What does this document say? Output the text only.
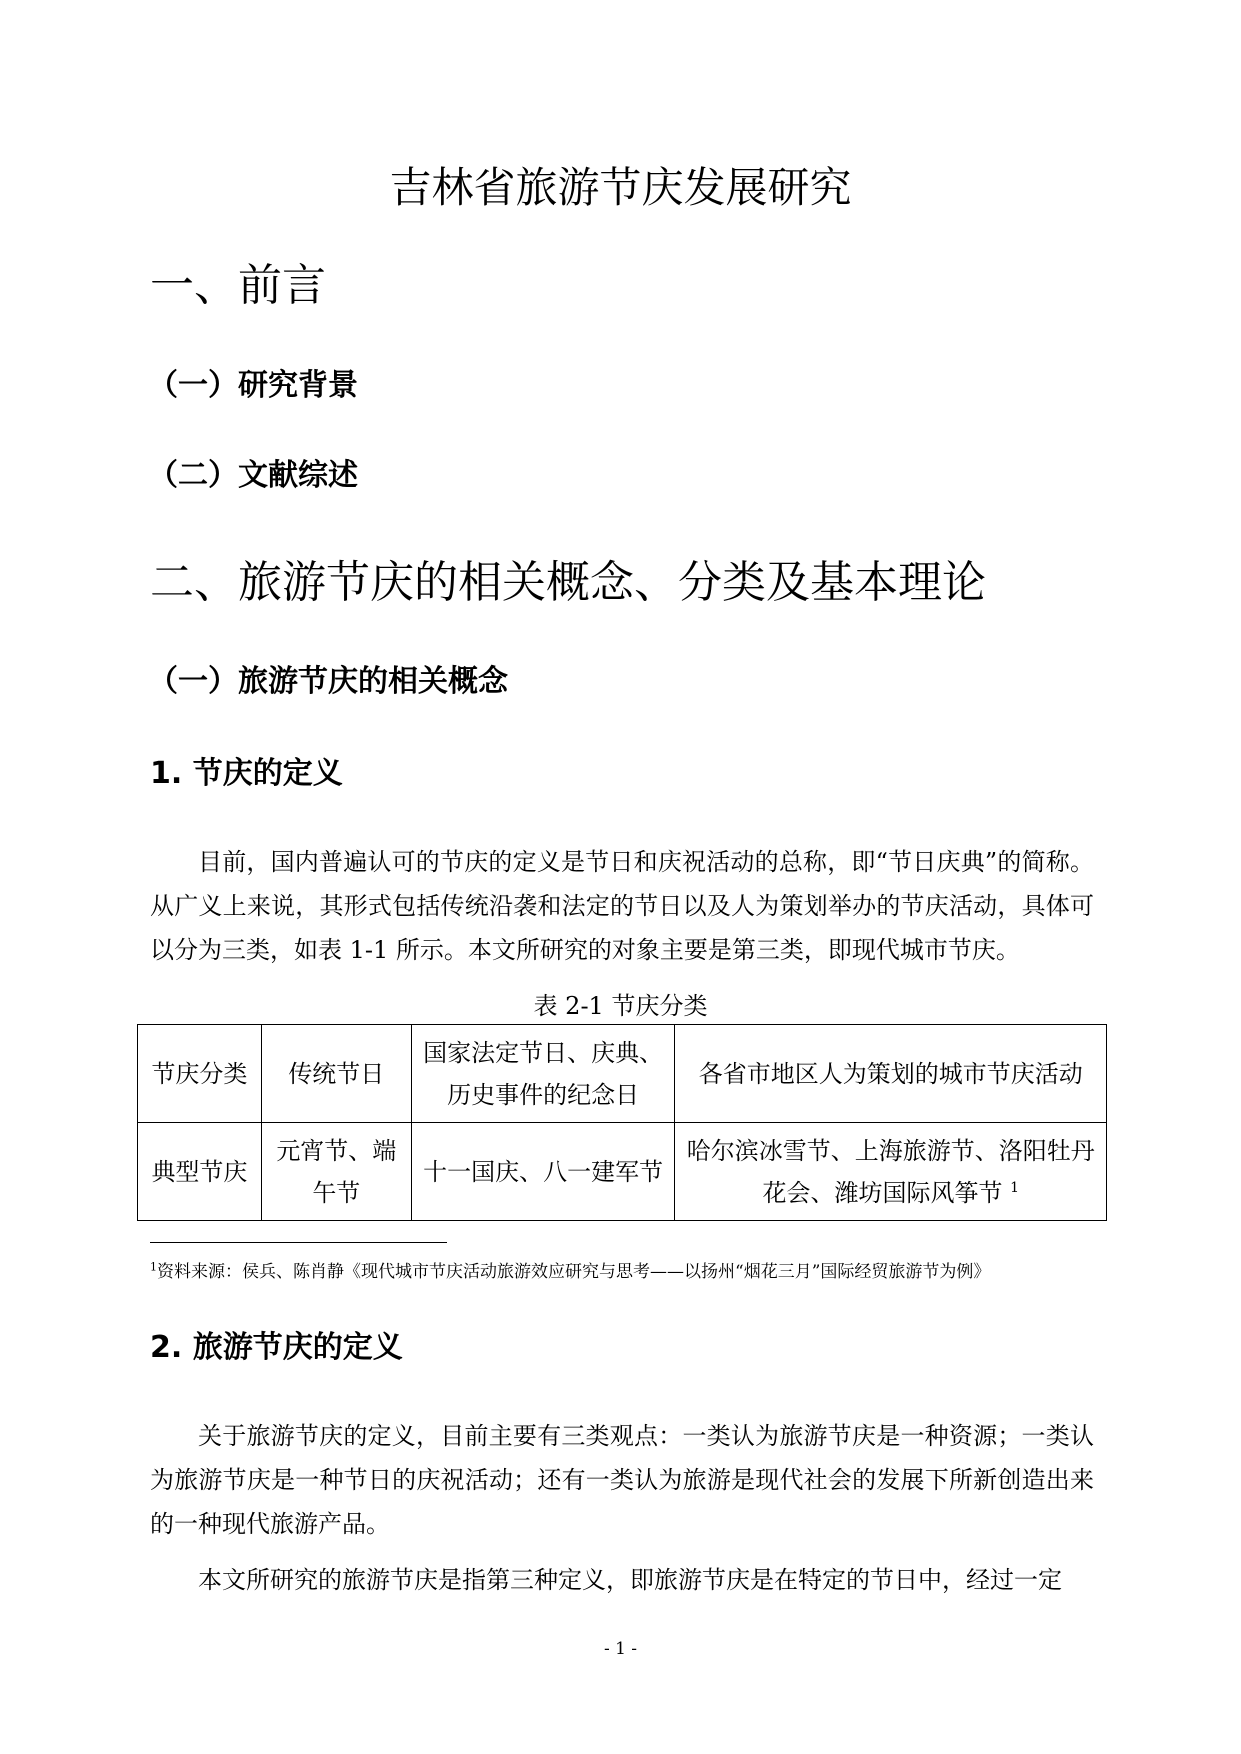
吉林省旅游节庆发展研究
一、前言
（一）研究背景
（二）文献综述
二、旅游节庆的相关概念、分类及基本理论
（一）旅游节庆的相关概念
1. 节庆的定义
目前，国内普遍认可的节庆的定义是节日和庆祝活动的总称，即“节日庆典”的简称。从广义上来说，其形式包括传统沿袭和法定的节日以及人为策划举办的节庆活动，具体可以分为三类，如表 1-1 所示。本文所研究的对象主要是第三类，即现代城市节庆。
表 2-1 节庆分类
节庆分类	传统节日	国家法定节日、庆典、历史事件的纪念日	各省市地区人为策划的城市节庆活动
典型节庆	元宵节、端午节	十一国庆、八一建军节	哈尔滨冰雪节、上海旅游节、洛阳牡丹花会、潍坊国际风筝节 $^1$
$^1$资料来源：侯兵、陈肖静《现代城市节庆活动旅游效应研究与思考——以扬州“烟花三月”国际经贸旅游节为例》
2. 旅游节庆的定义
关于旅游节庆的定义，目前主要有三类观点：一类认为旅游节庆是一种资源；一类认为旅游节庆是一种节日的庆祝活动；还有一类认为旅游是现代社会的发展下所新创造出来的一种现代旅游产品。
本文所研究的旅游节庆是指第三种定义，即旅游节庆是在特定的节日中，经过一定
- 1 -
